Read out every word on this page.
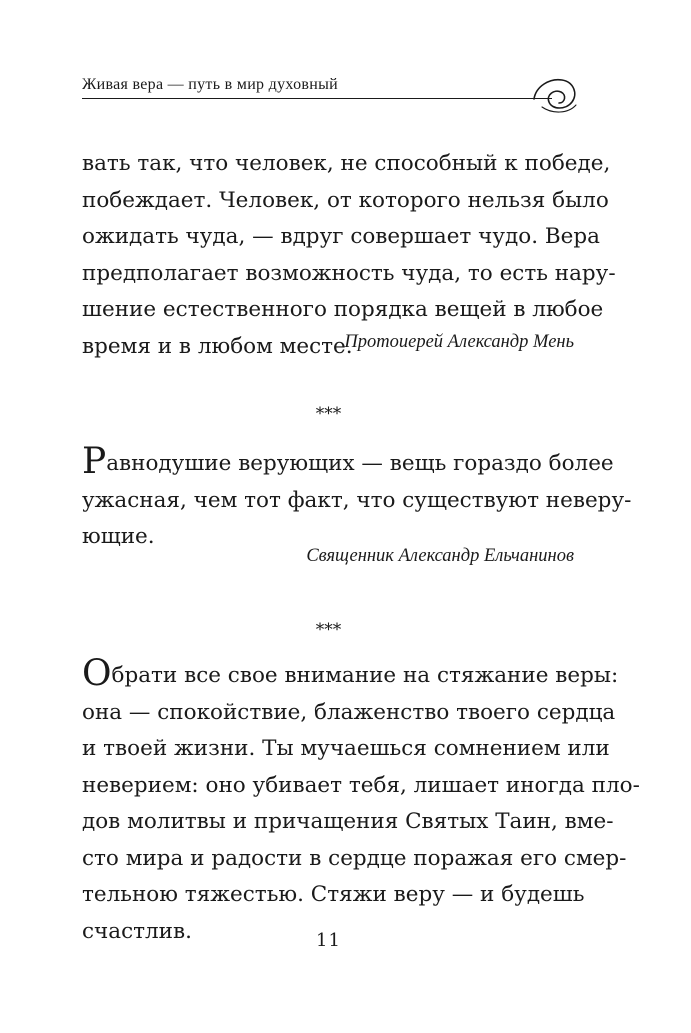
Живая вера — путь в мир духовный
вать так, что человек, не способный к победе,
побеждает. Человек, от которого нельзя было
ожидать чуда, — вдруг совершает чудо. Вера
предполагает возможность чуда, то есть нару-
шение естественного порядка вещей в любое
время и в любом месте.
Протоиерей Александр Мень
***
Равнодушие верующих — вещь гораздо более
ужасная, чем тот факт, что существуют неверу-
ющие.
Священник Александр Ельчанинов
***
Обрати все свое внимание на стяжание веры:
она — спокойствие, блаженство твоего сердца
и твоей жизни. Ты мучаешься сомнением или
неверием: оно убивает тебя, лишает иногда пло-
дов молитвы и причащения Святых Таин, вме-
сто мира и радости в сердце поражая его смер-
тельною тяжестью. Стяжи веру — и будешь
счастлив.	11
